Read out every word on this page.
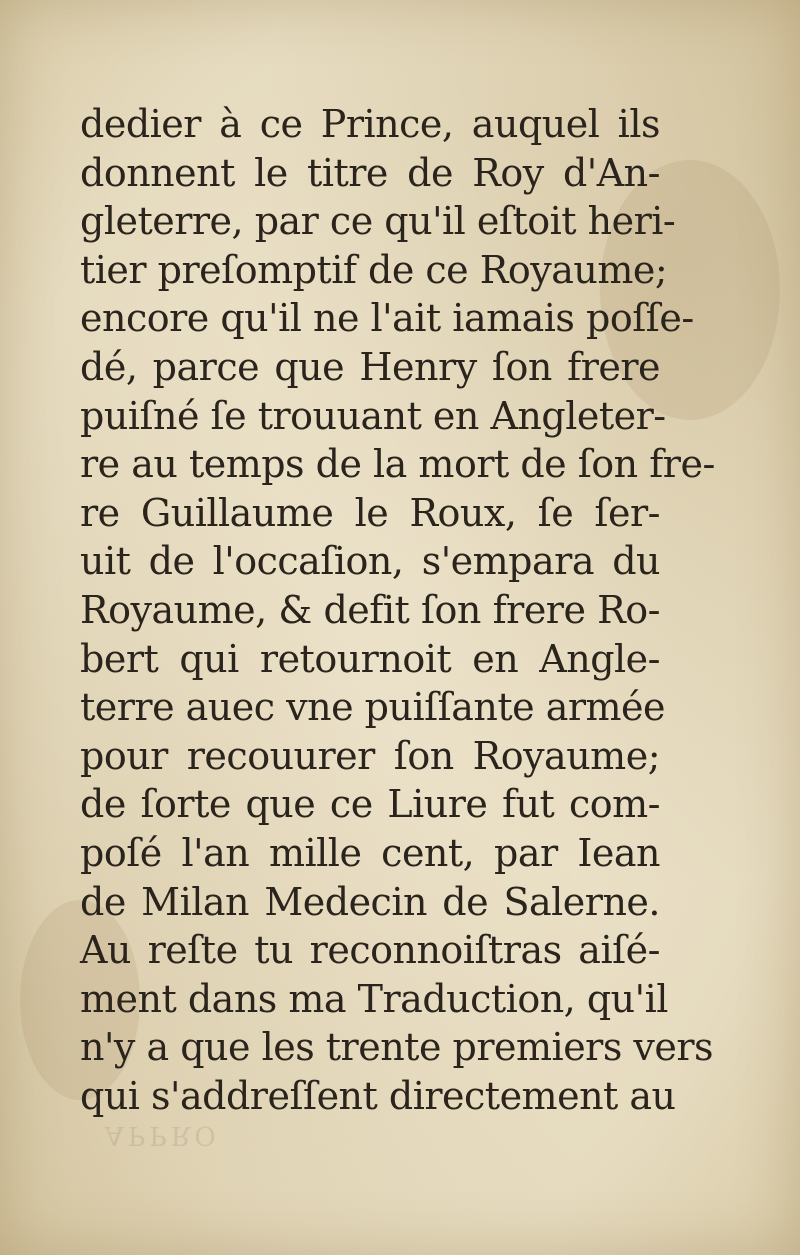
dedier à ce Prince, auquel ils
donnent le titre de Roy d'An-
gleterre, par ce qu'il eſtoit heri-
tier preſomptif de ce Royaume;
encore qu'il ne l'ait iamais poſſe-
dé, parce que Henry ſon frere
puiſné ſe trouuant en Angleter-
re au temps de la mort de ſon fre-
re Guillaume le Roux, ſe ſer-
uit de l'occaſion, s'empara du
Royaume, & defit ſon frere Ro-
bert qui retournoit en Angle-
terre auec vne puiſſante armée
pour recouurer ſon Royaume;
de ſorte que ce Liure fut com-
poſé l'an mille cent, par Iean
de Milan Medecin de Salerne.
Au reſte tu reconnoiſtras aiſé-
ment dans ma Traduction, qu'il
n'y a que les trente premiers vers
qui s'addreſſent directement au
APPRO
